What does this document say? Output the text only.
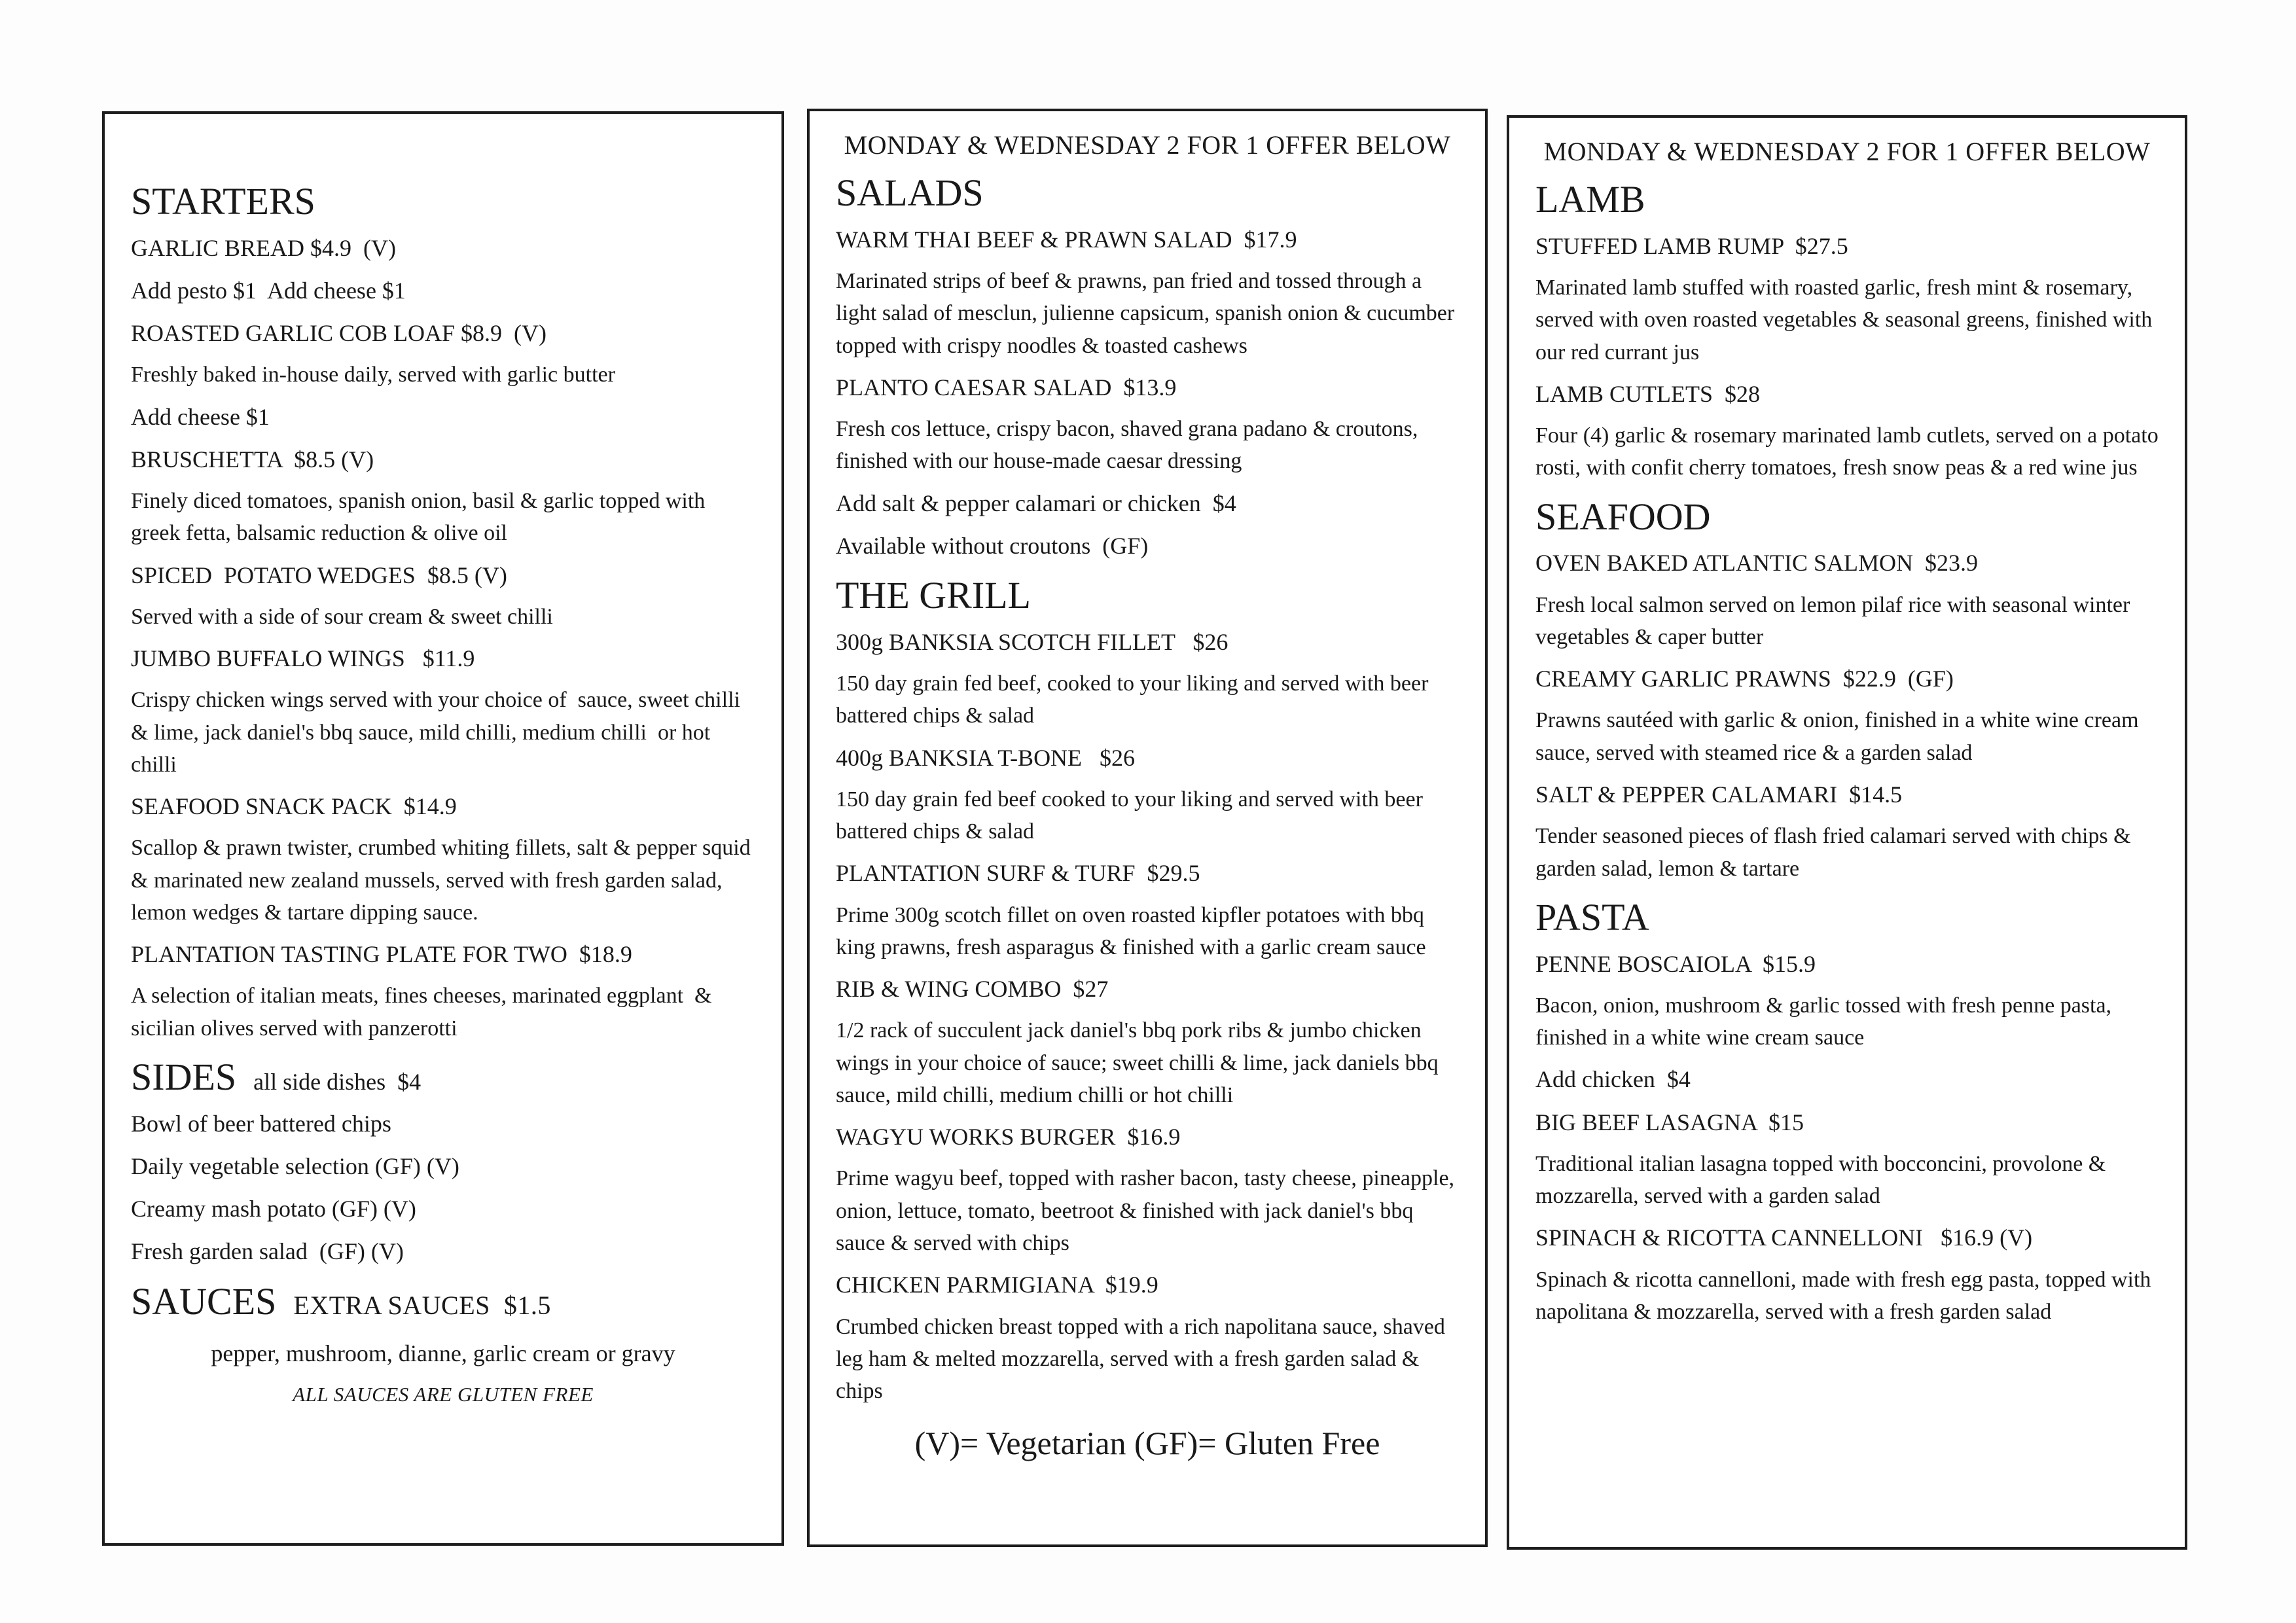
STARTERS
GARLIC BREAD $4.9  (V)
Add pesto $1  Add cheese $1
ROASTED GARLIC COB LOAF $8.9  (V)
Freshly baked in-house daily, served with garlic butter
Add cheese $1
BRUSCHETTA  $8.5 (V)
Finely diced tomatoes, spanish onion, basil & garlic topped with greek fetta, balsamic reduction & olive oil
SPICED  POTATO WEDGES  $8.5 (V)
Served with a side of sour cream & sweet chilli
JUMBO BUFFALO WINGS   $11.9
Crispy chicken wings served with your choice of  sauce, sweet chilli & lime, jack daniel's bbq sauce, mild chilli, medium chilli  or hot chilli
SEAFOOD SNACK PACK  $14.9
Scallop & prawn twister, crumbed whiting fillets, salt & pepper squid & marinated new zealand mussels, served with fresh garden salad, lemon wedges & tartare dipping sauce.
PLANTATION TASTING PLATE FOR TWO  $18.9
A selection of italian meats, fines cheeses, marinated eggplant  & sicilian olives served with panzerotti
SIDES all side dishes  $4
Bowl of beer battered chips
Daily vegetable selection (GF) (V)
Creamy mash potato (GF) (V)
Fresh garden salad  (GF) (V)
SAUCES EXTRA SAUCES  $1.5
pepper, mushroom, dianne, garlic cream or gravy
ALL SAUCES ARE GLUTEN FREE
MONDAY & WEDNESDAY 2 FOR 1 OFFER BELOW
SALADS
WARM THAI BEEF & PRAWN SALAD  $17.9
Marinated strips of beef & prawns, pan fried and tossed through a light salad of mesclun, julienne capsicum, spanish onion & cucumber topped with crispy noodles & toasted cashews
PLANTO CAESAR SALAD  $13.9
Fresh cos lettuce, crispy bacon, shaved grana padano & croutons, finished with our house-made caesar dressing
Add salt & pepper calamari or chicken  $4
Available without croutons  (GF)
THE GRILL
300g BANKSIA SCOTCH FILLET   $26
150 day grain fed beef, cooked to your liking and served with beer battered chips & salad
400g BANKSIA T-BONE   $26
150 day grain fed beef cooked to your liking and served with beer battered chips & salad
PLANTATION SURF & TURF  $29.5
Prime 300g scotch fillet on oven roasted kipfler potatoes with bbq king prawns, fresh asparagus & finished with a garlic cream sauce
RIB & WING COMBO  $27
1/2 rack of succulent jack daniel's bbq pork ribs & jumbo chicken wings in your choice of sauce; sweet chilli & lime, jack daniels bbq sauce, mild chilli, medium chilli or hot chilli
WAGYU WORKS BURGER  $16.9
Prime wagyu beef, topped with rasher bacon, tasty cheese, pineapple, onion, lettuce, tomato, beetroot & finished with jack daniel's bbq sauce & served with chips
CHICKEN PARMIGIANA  $19.9
Crumbed chicken breast topped with a rich napolitana sauce, shaved leg ham & melted mozzarella, served with a fresh garden salad & chips
(V)= Vegetarian (GF)= Gluten Free
MONDAY & WEDNESDAY 2 FOR 1 OFFER BELOW
LAMB
STUFFED LAMB RUMP  $27.5
Marinated lamb stuffed with roasted garlic, fresh mint & rosemary, served with oven roasted vegetables & seasonal greens, finished with our red currant jus
LAMB CUTLETS  $28
Four (4) garlic & rosemary marinated lamb cutlets, served on a potato rosti, with confit cherry tomatoes, fresh snow peas & a red wine jus
SEAFOOD
OVEN BAKED ATLANTIC SALMON  $23.9
Fresh local salmon served on lemon pilaf rice with seasonal winter vegetables & caper butter
CREAMY GARLIC PRAWNS  $22.9  (GF)
Prawns sautéed with garlic & onion, finished in a white wine cream sauce, served with steamed rice & a garden salad
SALT & PEPPER CALAMARI  $14.5
Tender seasoned pieces of flash fried calamari served with chips & garden salad, lemon & tartare
PASTA
PENNE BOSCAIOLA  $15.9
Bacon, onion, mushroom & garlic tossed with fresh penne pasta, finished in a white wine cream sauce
Add chicken  $4
BIG BEEF LASAGNA  $15
Traditional italian lasagna topped with bocconcini, provolone & mozzarella, served with a garden salad
SPINACH & RICOTTA CANNELLONI   $16.9 (V)
Spinach & ricotta cannelloni, made with fresh egg pasta, topped with napolitana & mozzarella, served with a fresh garden salad
